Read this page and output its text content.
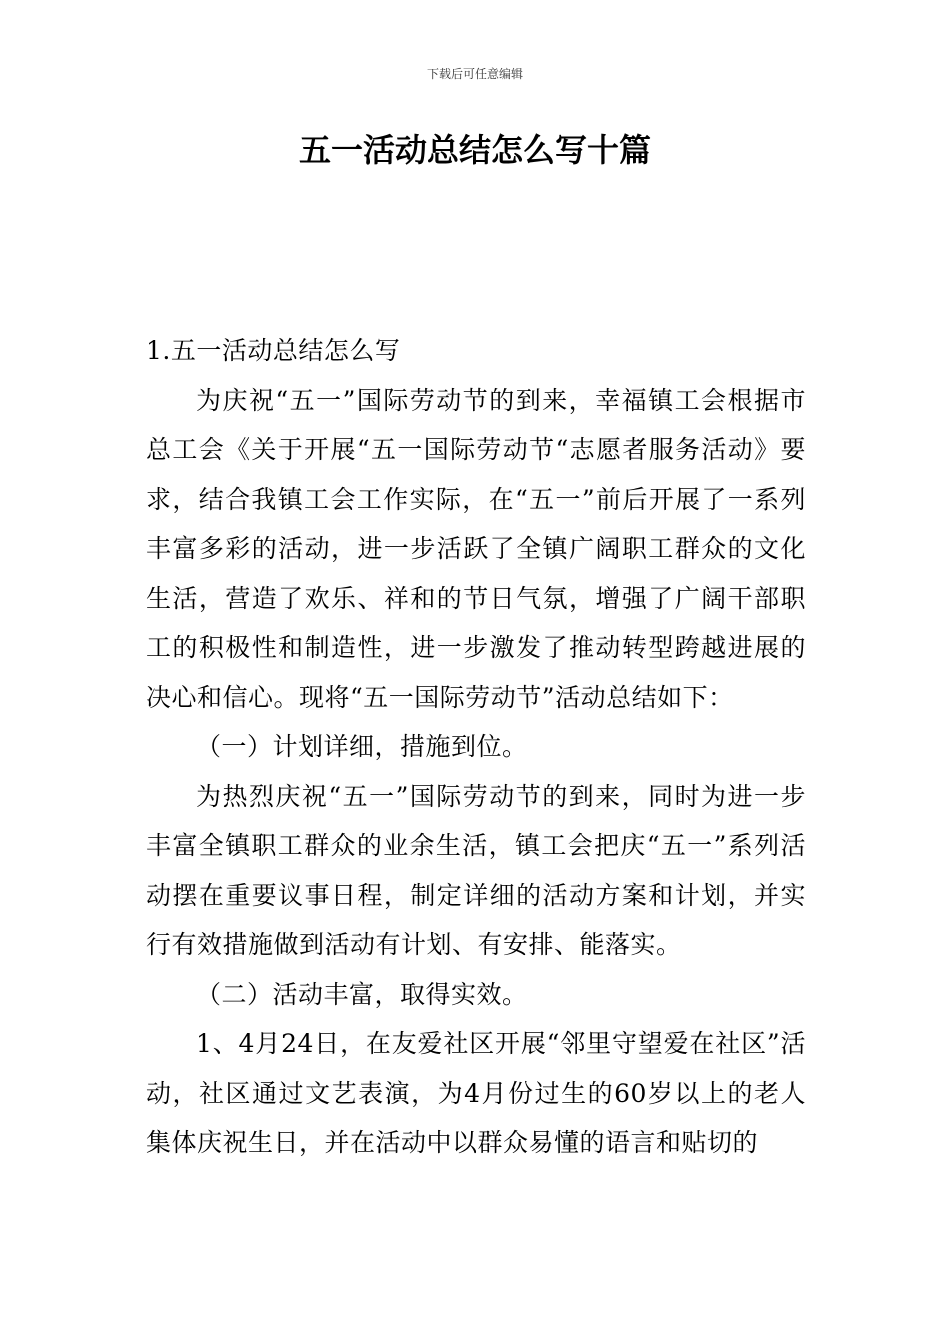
下载后可任意编辑
五一活动总结怎么写十篇

1.五一活动总结怎么写

为庆祝“五一”国际劳动节的到来，幸福镇工会根据市总工会《关于开展“五一国际劳动节“志愿者服务活动》要求，结合我镇工会工作实际，在“五一”前后开展了一系列丰富多彩的活动，进一步活跃了全镇广阔职工群众的文化生活，营造了欢乐、祥和的节日气氛，增强了广阔干部职工的积极性和制造性，进一步激发了推动转型跨越进展的决心和信心。现将“五一国际劳动节”活动总结如下：

（一）计划详细，措施到位。

为热烈庆祝“五一”国际劳动节的到来，同时为进一步丰富全镇职工群众的业余生活，镇工会把庆“五一”系列活动摆在重要议事日程，制定详细的活动方案和计划，并实行有效措施做到活动有计划、有安排、能落实。

（二）活动丰富，取得实效。

1、4月24日，在友爱社区开展“邻里守望爱在社区”活动，社区通过文艺表演，为4月份过生的60岁以上的老人集体庆祝生日，并在活动中以群众易懂的语言和贴切的
